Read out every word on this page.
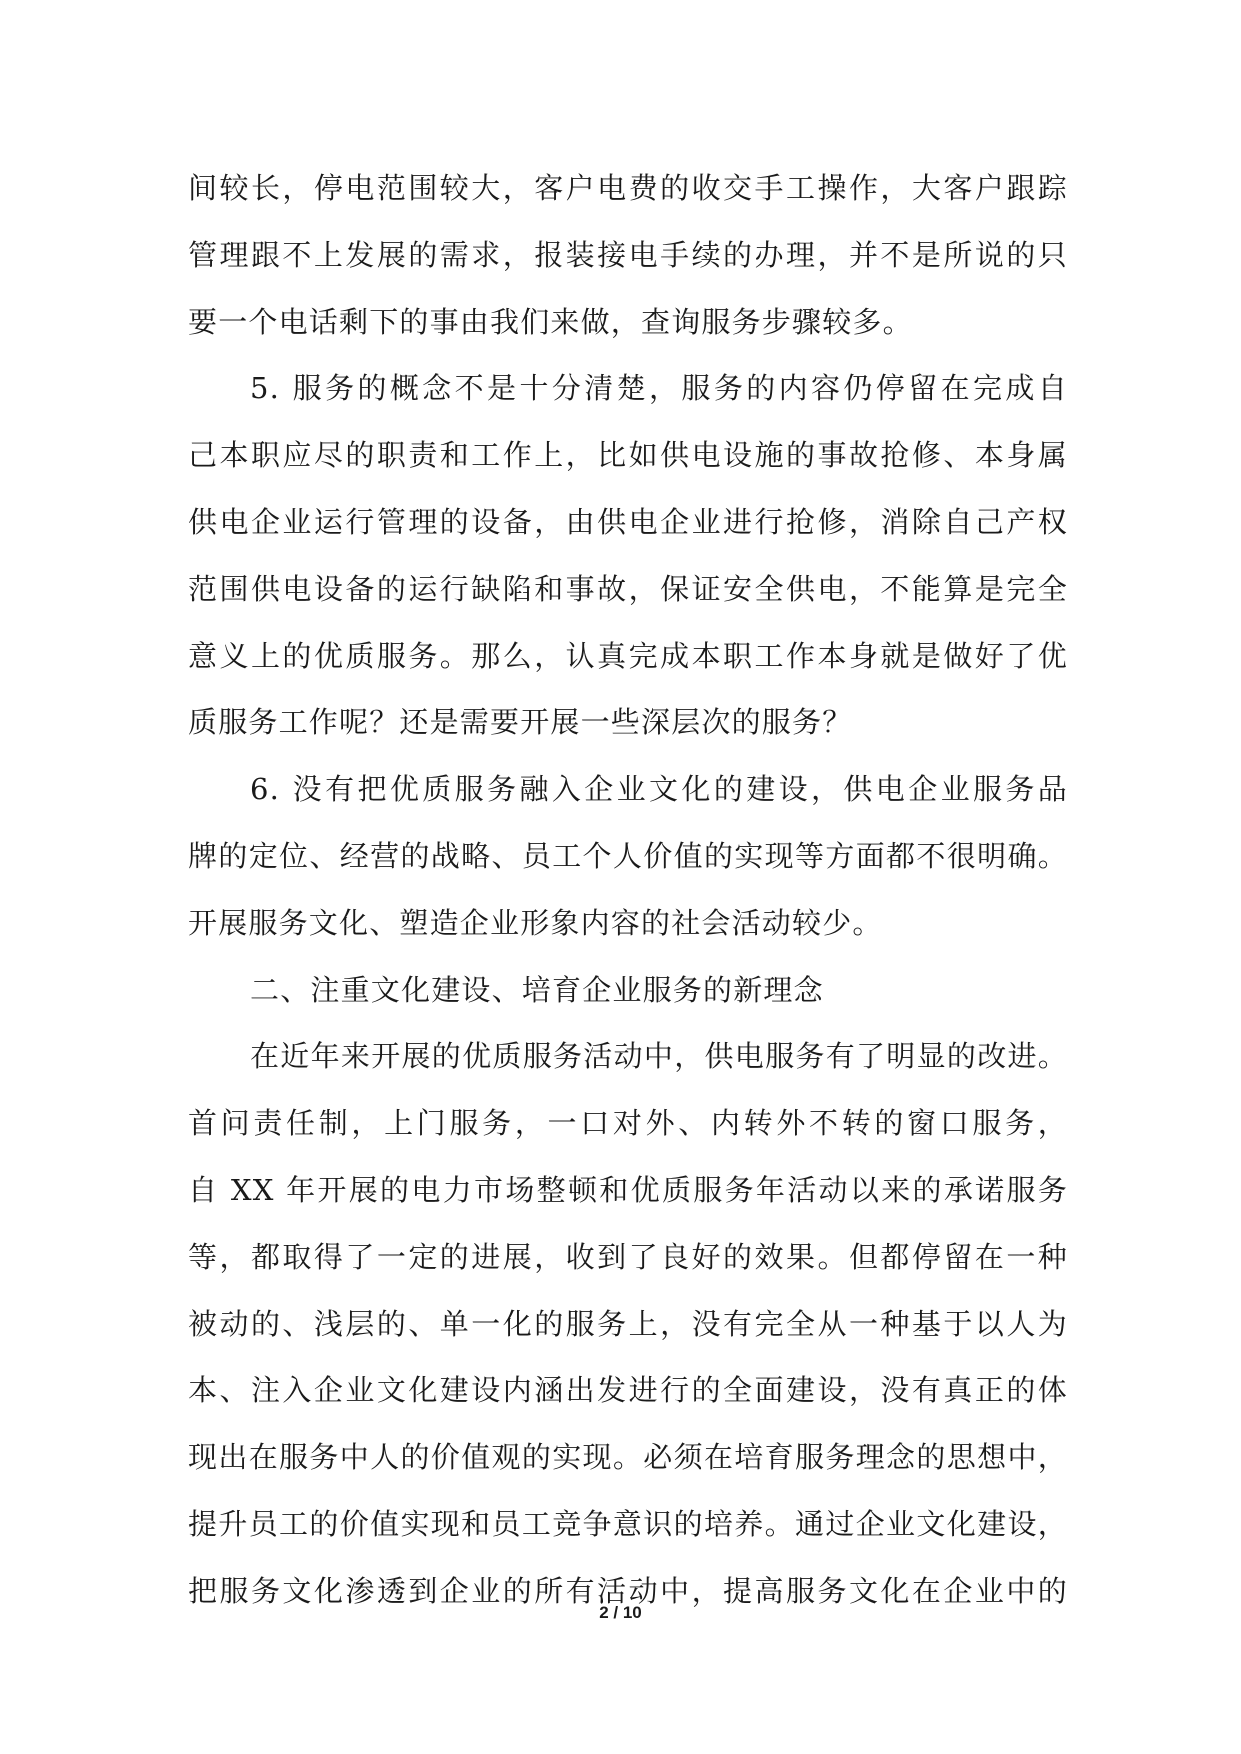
间较长，停电范围较大，客户电费的收交手工操作，大客户跟踪
管理跟不上发展的需求，报装接电手续的办理，并不是所说的只
要一个电话剩下的事由我们来做，查询服务步骤较多。
5. 服务的概念不是十分清楚，服务的内容仍停留在完成自
己本职应尽的职责和工作上，比如供电设施的事故抢修、本身属
供电企业运行管理的设备，由供电企业进行抢修，消除自己产权
范围供电设备的运行缺陷和事故，保证安全供电，不能算是完全
意义上的优质服务。那么，认真完成本职工作本身就是做好了优
质服务工作呢？还是需要开展一些深层次的服务？
6. 没有把优质服务融入企业文化的建设，供电企业服务品
牌的定位、经营的战略、员工个人价值的实现等方面都不很明确。
开展服务文化、塑造企业形象内容的社会活动较少。
二、注重文化建设、培育企业服务的新理念
在近年来开展的优质服务活动中，供电服务有了明显的改进。
首问责任制，上门服务，一口对外、内转外不转的窗口服务，
自 XX 年开展的电力市场整顿和优质服务年活动以来的承诺服务
等，都取得了一定的进展，收到了良好的效果。但都停留在一种
被动的、浅层的、单一化的服务上，没有完全从一种基于以人为
本、注入企业文化建设内涵出发进行的全面建设，没有真正的体
现出在服务中人的价值观的实现。必须在培育服务理念的思想中，
提升员工的价值实现和员工竞争意识的培养。通过企业文化建设，
把服务文化渗透到企业的所有活动中，提高服务文化在企业中的
2 / 10
